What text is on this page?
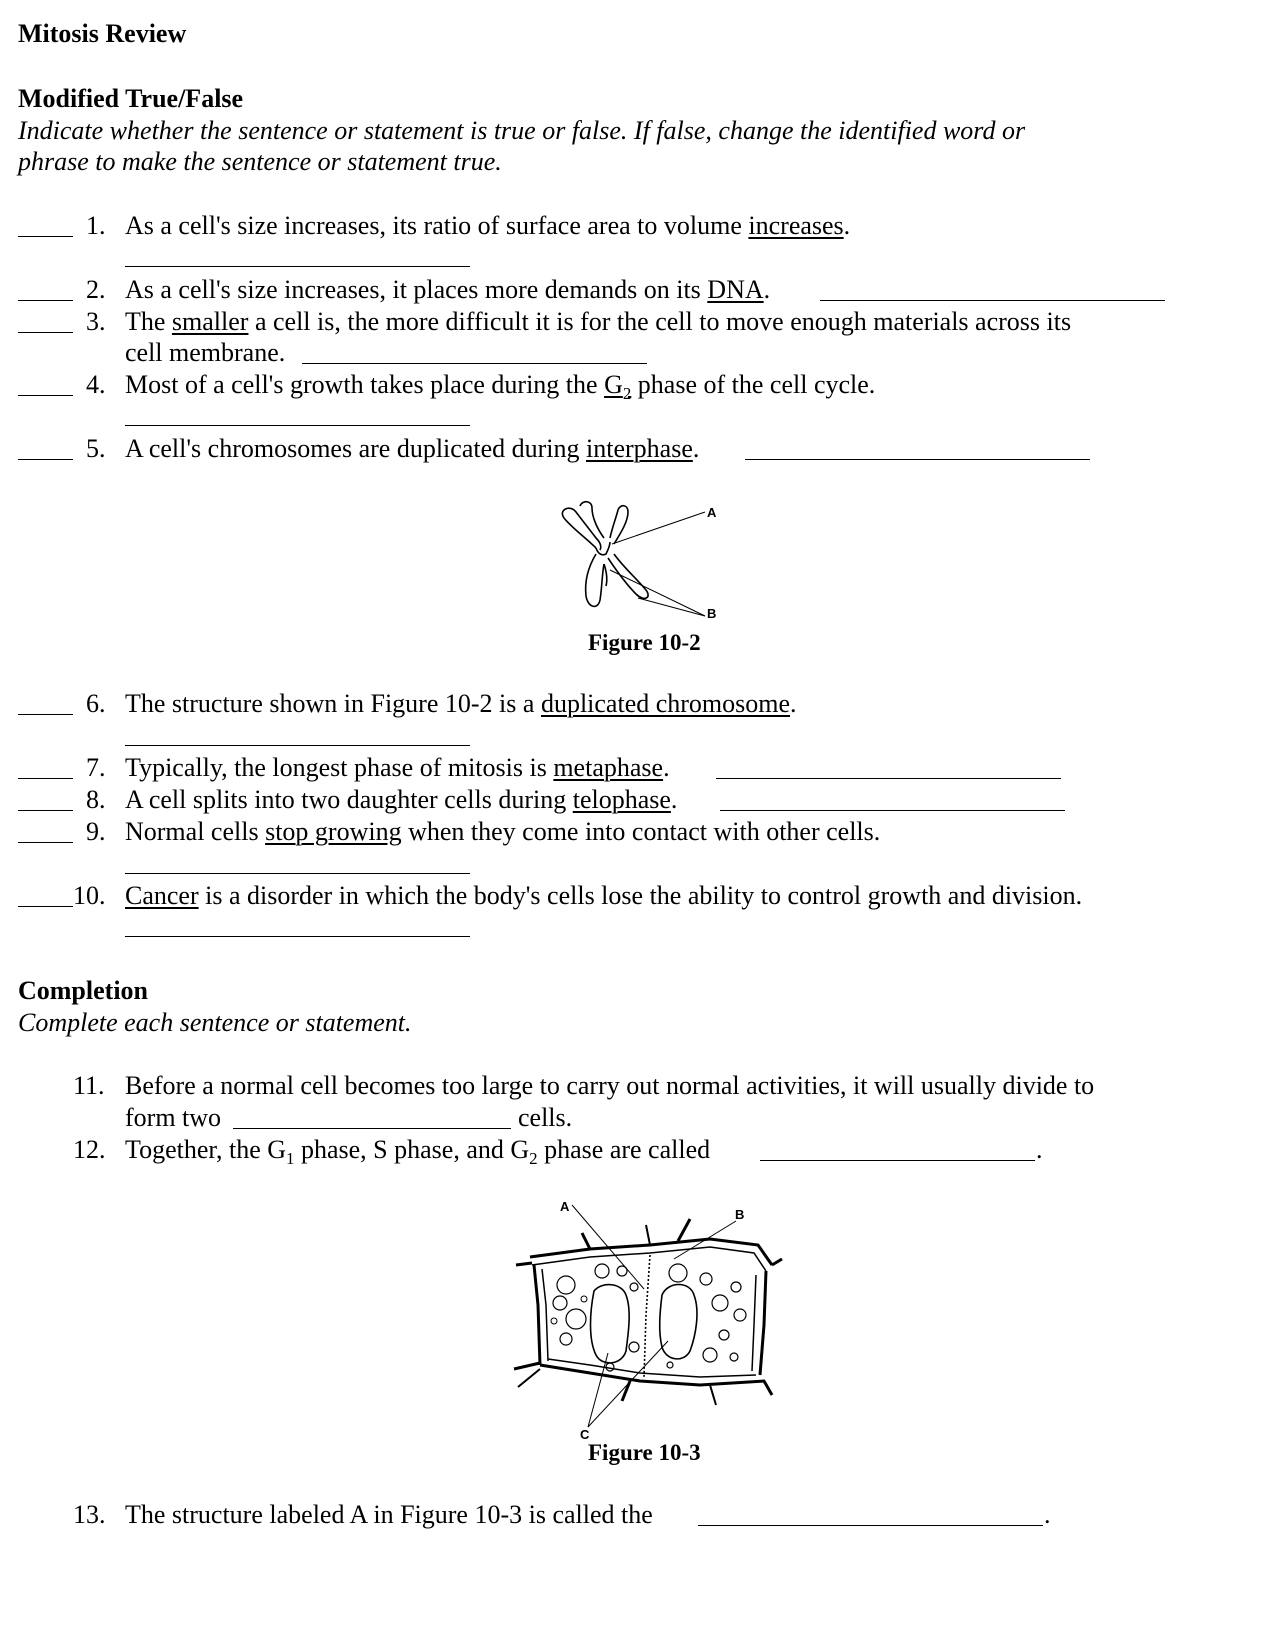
Mitosis Review
Modified True/False
Indicate whether the sentence or statement is true or false. If false, change the identified word or
phrase to make the sentence or statement true.
1. As a cell's size increases, its ratio of surface area to volume increases.
2. As a cell's size increases, it places more demands on its DNA.
3. The smaller a cell is, the more difficult it is for the cell to move enough materials across its
cell membrane.
4. Most of a cell's growth takes place during the $G_2$ phase of the cell cycle.
5. A cell's chromosomes are duplicated during interphase.
A
B
Figure 10-2
6. The structure shown in Figure 10-2 is a duplicated chromosome.
7. Typically, the longest phase of mitosis is metaphase.
8. A cell splits into two daughter cells during telophase.
9. Normal cells stop growing when they come into contact with other cells.
10. Cancer is a disorder in which the body's cells lose the ability to control growth and division.
Completion
Complete each sentence or statement.
11. Before a normal cell becomes too large to carry out normal activities, it will usually divide to
form two	cells.
12. Together, the $G_1$ phase, S phase, and $G_2$ phase are called	.
A
B
C
Figure 10-3
13. The structure labeled A in Figure 10-3 is called the	.
